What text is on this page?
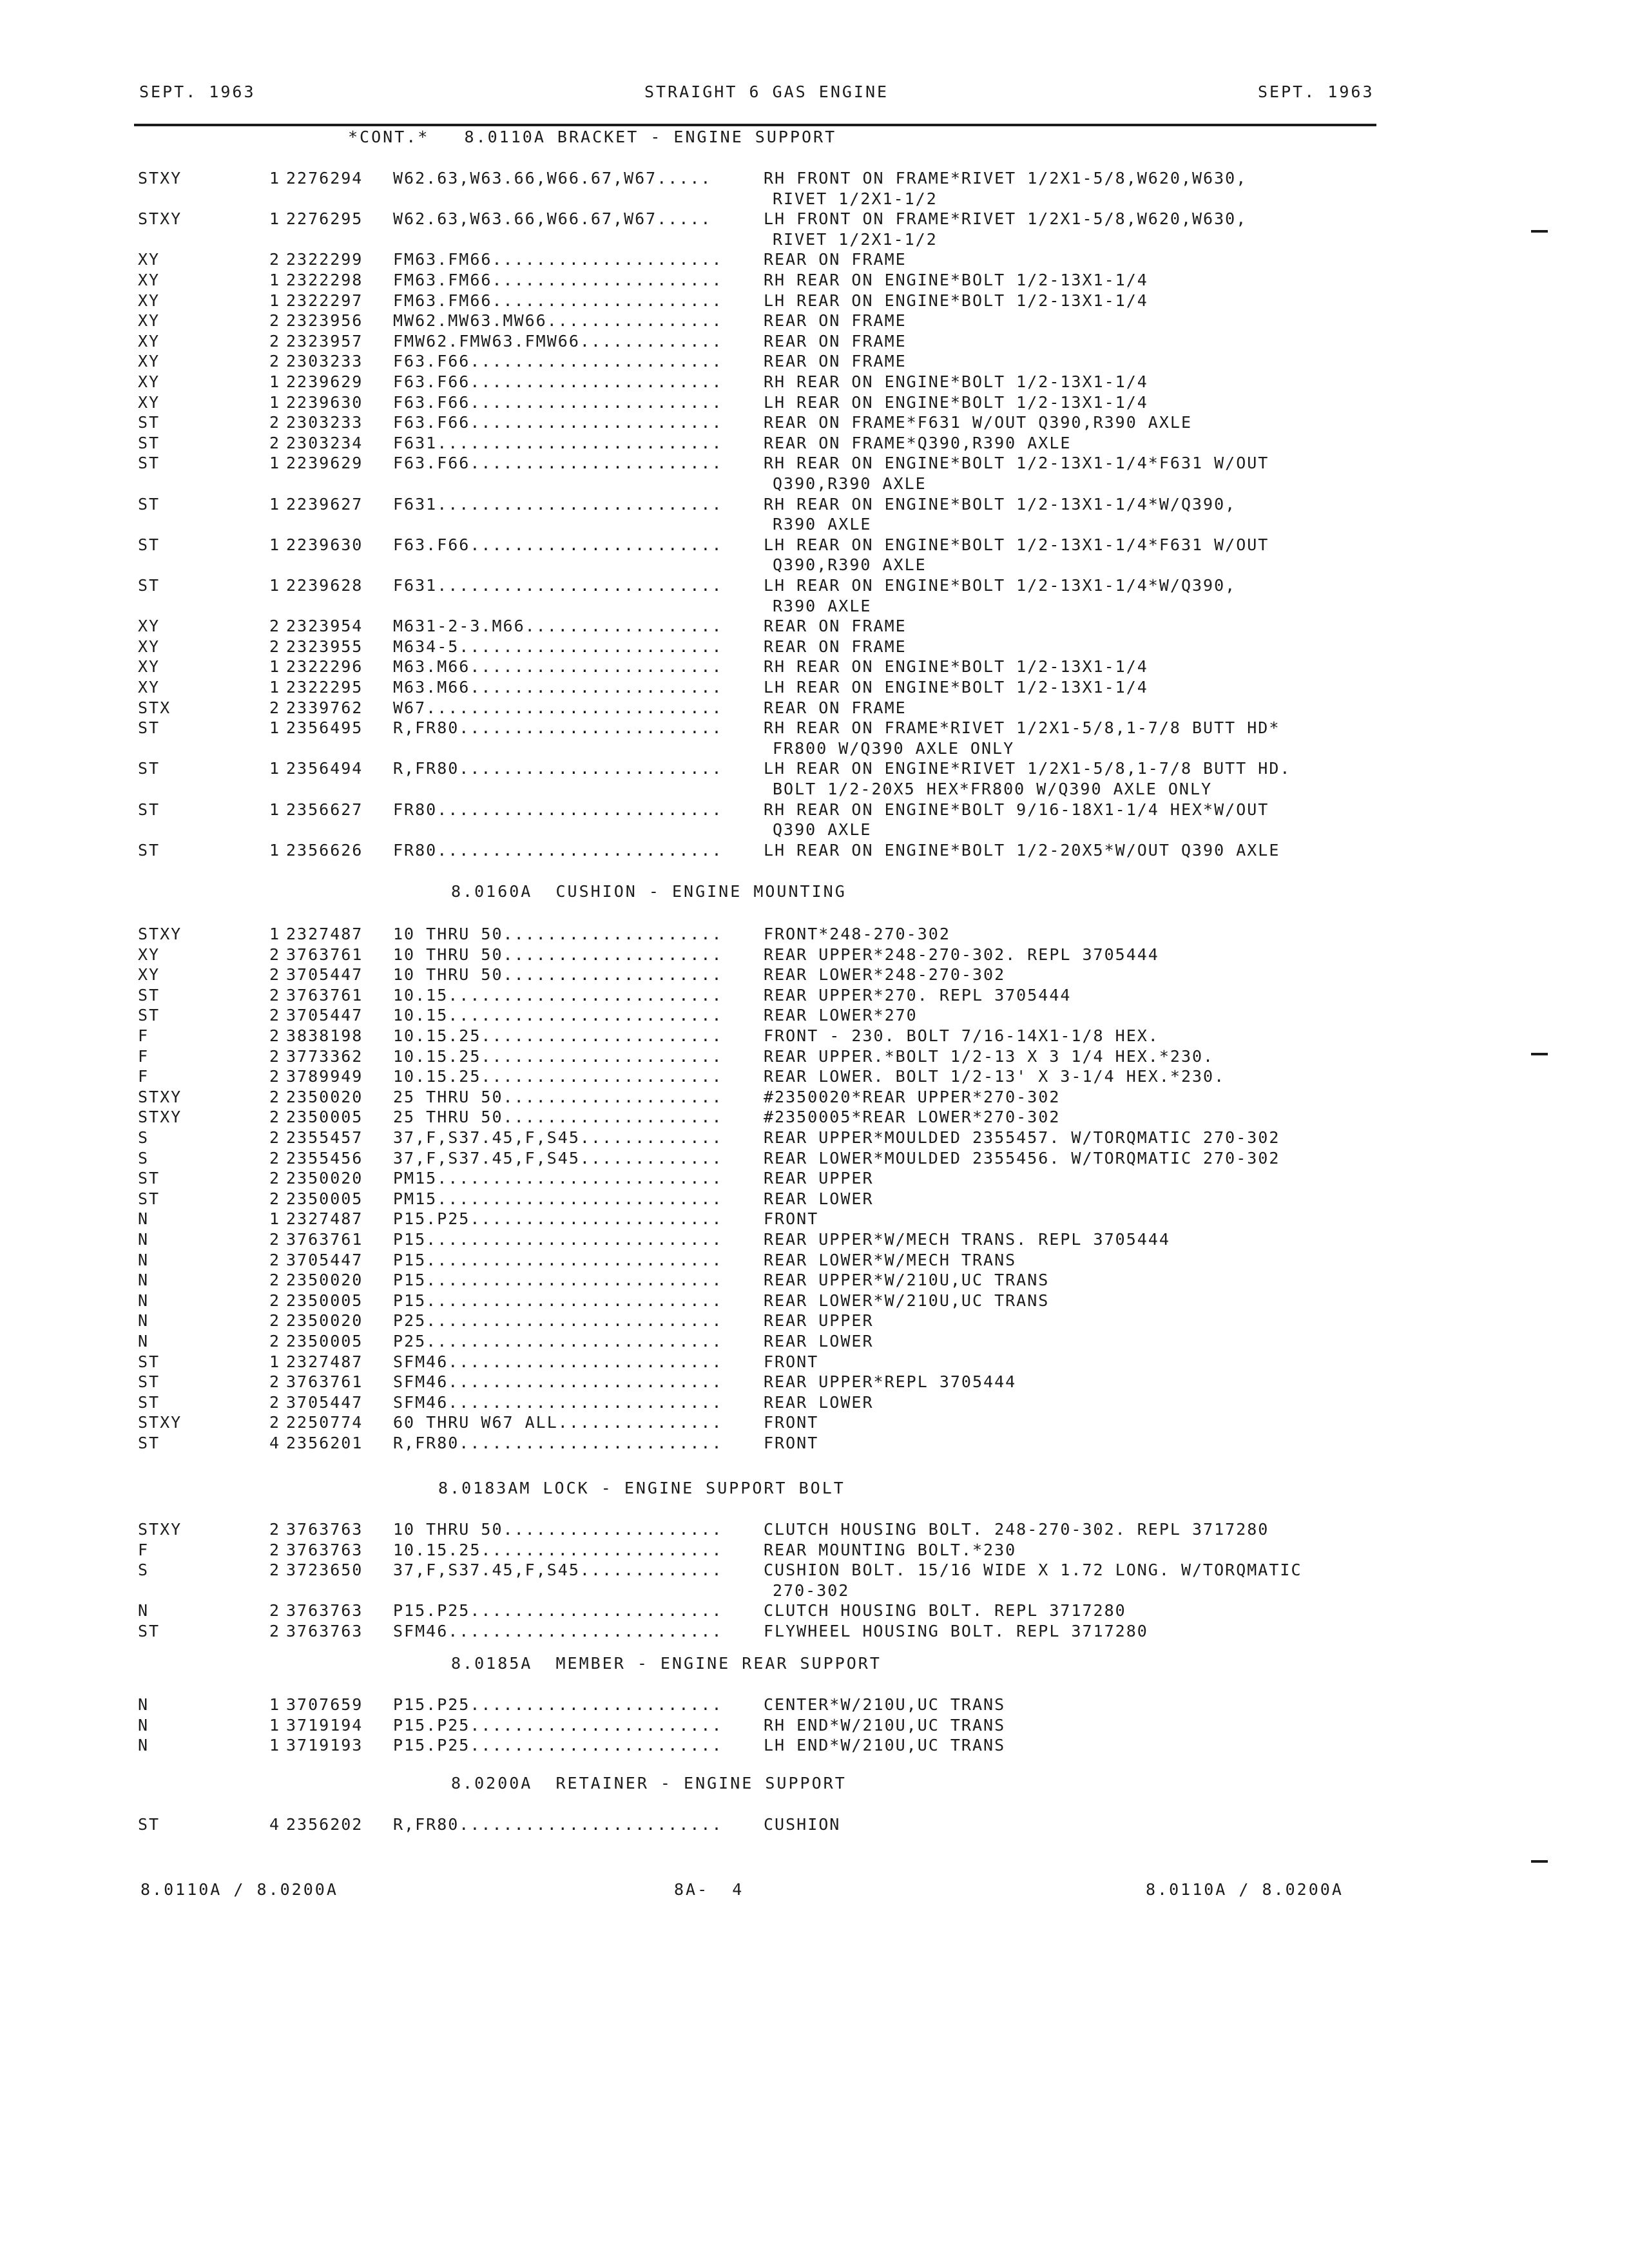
SEPT. 1963	STRAIGHT 6 GAS ENGINE	SEPT. 1963
*CONT.*   8.0110A BRACKET - ENGINE SUPPORT
STXY	1 2276294 W62.63,W63.66,W66.67,W67.....	RH FRONT ON FRAME*RIVET 1/2X1-5/8,W620,W630,
RIVET 1/2X1-1/2
STXY	1 2276295 W62.63,W63.66,W66.67,W67.....	LH FRONT ON FRAME*RIVET 1/2X1-5/8,W620,W630,
RIVET 1/2X1-1/2
XY	2 2322299 FM63.FM66.....................	REAR ON FRAME
XY	1 2322298 FM63.FM66.....................	RH REAR ON ENGINE*BOLT 1/2-13X1-1/4
XY	1 2322297 FM63.FM66.....................	LH REAR ON ENGINE*BOLT 1/2-13X1-1/4
XY	2 2323956 MW62.MW63.MW66................	REAR ON FRAME
XY	2 2323957 FMW62.FMW63.FMW66.............	REAR ON FRAME
XY	2 2303233 F63.F66.......................	REAR ON FRAME
XY	1 2239629 F63.F66.......................	RH REAR ON ENGINE*BOLT 1/2-13X1-1/4
XY	1 2239630 F63.F66.......................	LH REAR ON ENGINE*BOLT 1/2-13X1-1/4
ST	2 2303233 F63.F66.......................	REAR ON FRAME*F631 W/OUT Q390,R390 AXLE
ST	2 2303234 F631..........................	REAR ON FRAME*Q390,R390 AXLE
ST	1 2239629 F63.F66.......................	RH REAR ON ENGINE*BOLT 1/2-13X1-1/4*F631 W/OUT
Q390,R390 AXLE
ST	1 2239627 F631..........................	RH REAR ON ENGINE*BOLT 1/2-13X1-1/4*W/Q390,
R390 AXLE
ST	1 2239630 F63.F66.......................	LH REAR ON ENGINE*BOLT 1/2-13X1-1/4*F631 W/OUT
Q390,R390 AXLE
ST	1 2239628 F631..........................	LH REAR ON ENGINE*BOLT 1/2-13X1-1/4*W/Q390,
R390 AXLE
XY	2 2323954 M631-2-3.M66..................	REAR ON FRAME
XY	2 2323955 M634-5........................	REAR ON FRAME
XY	1 2322296 M63.M66.......................	RH REAR ON ENGINE*BOLT 1/2-13X1-1/4
XY	1 2322295 M63.M66.......................	LH REAR ON ENGINE*BOLT 1/2-13X1-1/4
STX	2 2339762 W67...........................	REAR ON FRAME
ST	1 2356495 R,FR80........................	RH REAR ON FRAME*RIVET 1/2X1-5/8,1-7/8 BUTT HD*
FR800 W/Q390 AXLE ONLY
ST	1 2356494 R,FR80........................	LH REAR ON ENGINE*RIVET 1/2X1-5/8,1-7/8 BUTT HD.
BOLT 1/2-20X5 HEX*FR800 W/Q390 AXLE ONLY
ST	1 2356627 FR80..........................	RH REAR ON ENGINE*BOLT 9/16-18X1-1/4 HEX*W/OUT
Q390 AXLE
ST	1 2356626 FR80..........................	LH REAR ON ENGINE*BOLT 1/2-20X5*W/OUT Q390 AXLE
8.0160A  CUSHION - ENGINE MOUNTING
STXY	1 2327487 10 THRU 50....................	FRONT*248-270-302
XY	2 3763761 10 THRU 50....................	REAR UPPER*248-270-302. REPL 3705444
XY	2 3705447 10 THRU 50....................	REAR LOWER*248-270-302
ST	2 3763761 10.15.........................	REAR UPPER*270. REPL 3705444
ST	2 3705447 10.15.........................	REAR LOWER*270
F	2 3838198 10.15.25......................	FRONT - 230. BOLT 7/16-14X1-1/8 HEX.
F	2 3773362 10.15.25......................	REAR UPPER.*BOLT 1/2-13 X 3 1/4 HEX.*230.
F	2 3789949 10.15.25......................	REAR LOWER. BOLT 1/2-13' X 3-1/4 HEX.*230.
STXY	2 2350020 25 THRU 50....................	#2350020*REAR UPPER*270-302
STXY	2 2350005 25 THRU 50....................	#2350005*REAR LOWER*270-302
S	2 2355457 37,F,S37.45,F,S45.............	REAR UPPER*MOULDED 2355457. W/TORQMATIC 270-302
S	2 2355456 37,F,S37.45,F,S45.............	REAR LOWER*MOULDED 2355456. W/TORQMATIC 270-302
ST	2 2350020 PM15..........................	REAR UPPER
ST	2 2350005 PM15..........................	REAR LOWER
N	1 2327487 P15.P25.......................	FRONT
N	2 3763761 P15...........................	REAR UPPER*W/MECH TRANS. REPL 3705444
N	2 3705447 P15...........................	REAR LOWER*W/MECH TRANS
N	2 2350020 P15...........................	REAR UPPER*W/210U,UC TRANS
N	2 2350005 P15...........................	REAR LOWER*W/210U,UC TRANS
N	2 2350020 P25...........................	REAR UPPER
N	2 2350005 P25...........................	REAR LOWER
ST	1 2327487 SFM46.........................	FRONT
ST	2 3763761 SFM46.........................	REAR UPPER*REPL 3705444
ST	2 3705447 SFM46.........................	REAR LOWER
STXY	2 2250774 60 THRU W67 ALL...............	FRONT
ST	4 2356201 R,FR80........................	FRONT
8.0183AM LOCK - ENGINE SUPPORT BOLT
STXY	2 3763763 10 THRU 50....................	CLUTCH HOUSING BOLT. 248-270-302. REPL 3717280
F	2 3763763 10.15.25......................	REAR MOUNTING BOLT.*230
S	2 3723650 37,F,S37.45,F,S45.............	CUSHION BOLT. 15/16 WIDE X 1.72 LONG. W/TORQMATIC
270-302
N	2 3763763 P15.P25.......................	CLUTCH HOUSING BOLT. REPL 3717280
ST	2 3763763 SFM46.........................	FLYWHEEL HOUSING BOLT. REPL 3717280
8.0185A  MEMBER - ENGINE REAR SUPPORT
N	1 3707659 P15.P25.......................	CENTER*W/210U,UC TRANS
N	1 3719194 P15.P25.......................	RH END*W/210U,UC TRANS
N	1 3719193 P15.P25.......................	LH END*W/210U,UC TRANS
8.0200A  RETAINER - ENGINE SUPPORT
ST	4 2356202 R,FR80........................	CUSHION
8.0110A / 8.0200A	8A-  4	8.0110A / 8.0200A
